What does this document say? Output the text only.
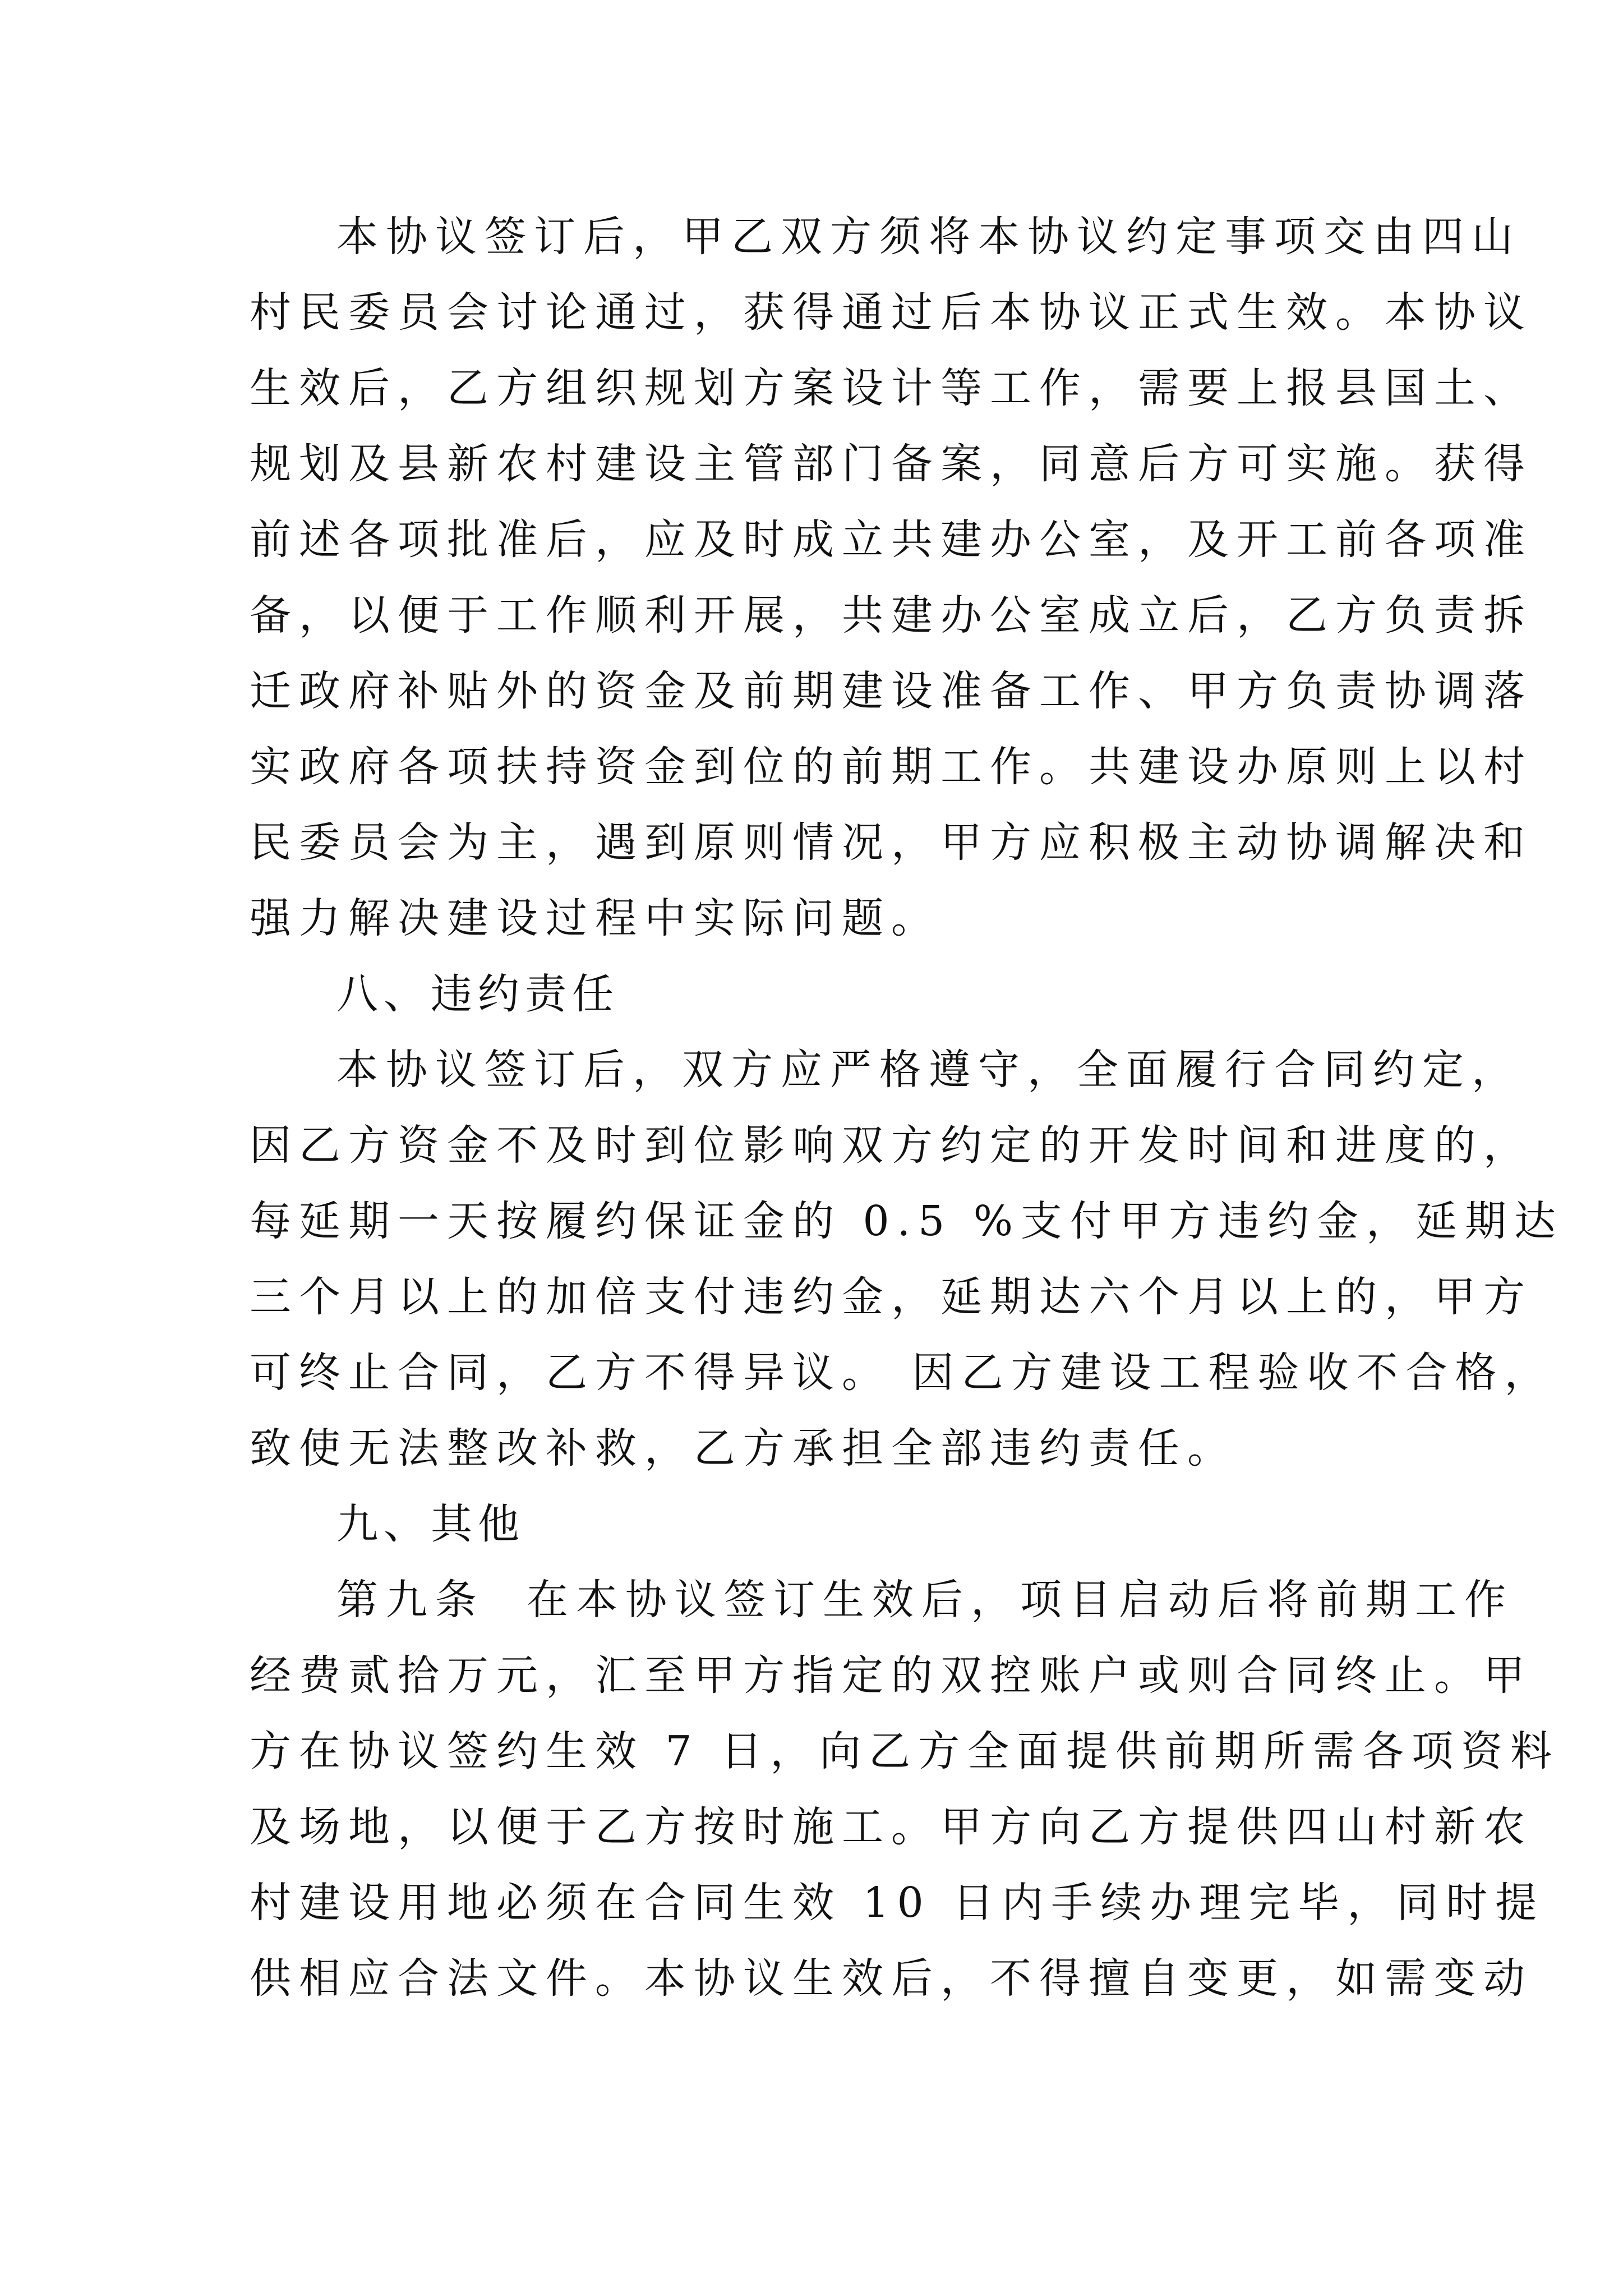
本协议签订后，甲乙双方须将本协议约定事项交由四山
村民委员会讨论通过，获得通过后本协议正式生效。本协议
生效后，乙方组织规划方案设计等工作，需要上报县国土、
规划及县新农村建设主管部门备案，同意后方可实施。获得
前述各项批准后，应及时成立共建办公室，及开工前各项准
备，以便于工作顺利开展，共建办公室成立后，乙方负责拆
迁政府补贴外的资金及前期建设准备工作、甲方负责协调落
实政府各项扶持资金到位的前期工作。共建设办原则上以村
民委员会为主，遇到原则情况，甲方应积极主动协调解决和
强力解决建设过程中实际问题。
八、违约责任
本协议签订后，双方应严格遵守，全面履行合同约定，
因乙方资金不及时到位影响双方约定的开发时间和进度的，
每延期一天按履约保证金的 0.5 %支付甲方违约金，延期达
三个月以上的加倍支付违约金，延期达六个月以上的，甲方
可终止合同，乙方不得异议。 因乙方建设工程验收不合格，
致使无法整改补救，乙方承担全部违约责任。
九、其他
第九条  在本协议签订生效后，项目启动后将前期工作
经费贰拾万元，汇至甲方指定的双控账户或则合同终止。甲
方在协议签约生效 7 日，向乙方全面提供前期所需各项资料
及场地，以便于乙方按时施工。甲方向乙方提供四山村新农
村建设用地必须在合同生效 10 日内手续办理完毕，同时提
供相应合法文件。本协议生效后，不得擅自变更，如需变动
